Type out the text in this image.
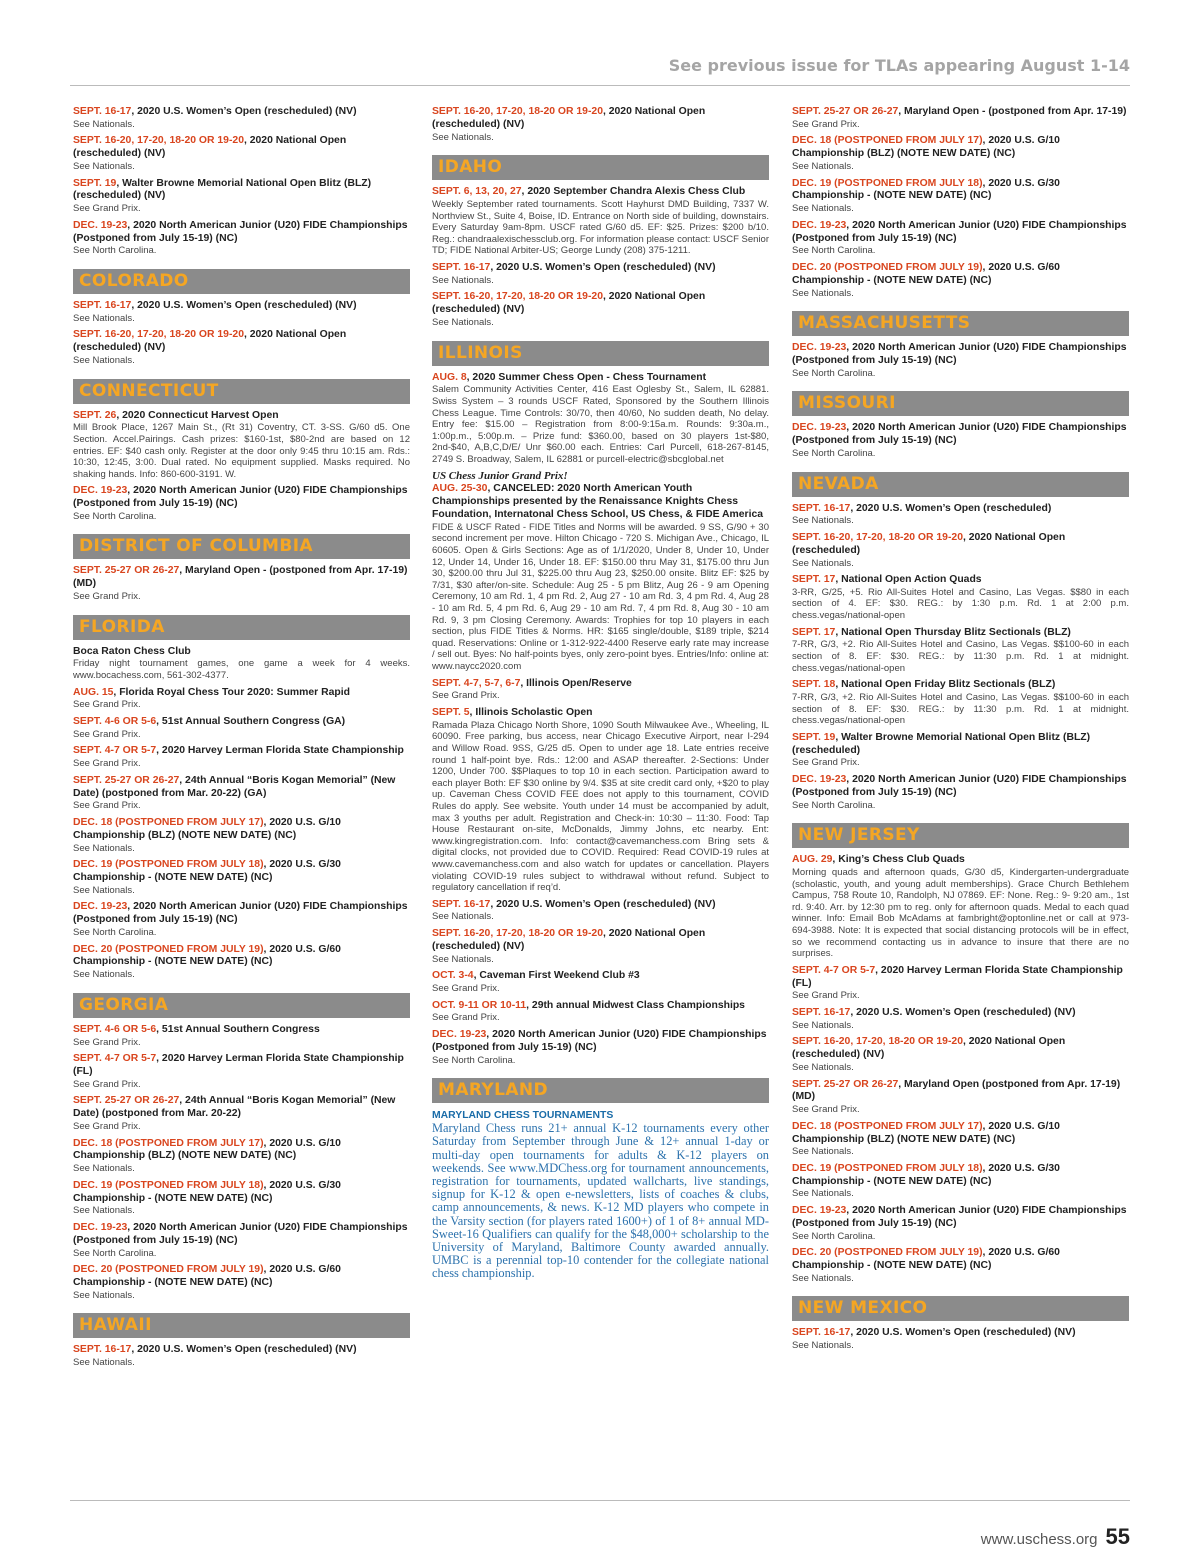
See previous issue for TLAs appearing August 1-14
SEPT. 16-17, 2020 U.S. Women’s Open (rescheduled) (NV)
See Nationals.
SEPT. 16-20, 17-20, 18-20 OR 19-20, 2020 National Open (rescheduled) (NV)
See Nationals.
SEPT. 19, Walter Browne Memorial National Open Blitz (BLZ) (rescheduled) (NV)
See Grand Prix.
DEC. 19-23, 2020 North American Junior (U20) FIDE Championships (Postponed from July 15-19) (NC)
See North Carolina.
COLORADO
SEPT. 16-17, 2020 U.S. Women’s Open (rescheduled) (NV)
See Nationals.
SEPT. 16-20, 17-20, 18-20 OR 19-20, 2020 National Open (rescheduled) (NV)
See Nationals.
CONNECTICUT
SEPT. 26, 2020 Connecticut Harvest Open
Mill Brook Place, 1267 Main St., (Rt 31) Coventry, CT. 3-SS. G/60 d5. One Section. Accel.Pairings. Cash prizes: $160-1st, $80-2nd are based on 12 entries. EF: $40 cash only. Register at the door only 9:45 thru 10:15 am. Rds.: 10:30, 12:45, 3:00. Dual rated. No equipment supplied. Masks required. No shaking hands. Info: 860-600-3191. W.
DEC. 19-23, 2020 North American Junior (U20) FIDE Championships (Postponed from July 15-19) (NC)
See North Carolina.
DISTRICT OF COLUMBIA
SEPT. 25-27 OR 26-27, Maryland Open - (postponed from Apr. 17-19) (MD)
See Grand Prix.
FLORIDA
Boca Raton Chess Club
Friday night tournament games, one game a week for 4 weeks. www.bocachess.com, 561-302-4377.
AUG. 15, Florida Royal Chess Tour 2020: Summer Rapid
See Grand Prix.
SEPT. 4-6 OR 5-6, 51st Annual Southern Congress (GA)
See Grand Prix.
SEPT. 4-7 OR 5-7, 2020 Harvey Lerman Florida State Championship
See Grand Prix.
SEPT. 25-27 OR 26-27, 24th Annual “Boris Kogan Memorial” (New Date) (postponed from Mar. 20-22) (GA)
See Grand Prix.
DEC. 18 (POSTPONED FROM JULY 17), 2020 U.S. G/10 Championship (BLZ) (NOTE NEW DATE) (NC)
See Nationals.
DEC. 19 (POSTPONED FROM JULY 18), 2020 U.S. G/30 Championship - (NOTE NEW DATE) (NC)
See Nationals.
DEC. 19-23, 2020 North American Junior (U20) FIDE Championships (Postponed from July 15-19) (NC)
See North Carolina.
DEC. 20 (POSTPONED FROM JULY 19), 2020 U.S. G/60 Championship - (NOTE NEW DATE) (NC)
See Nationals.
GEORGIA
SEPT. 4-6 OR 5-6, 51st Annual Southern Congress
See Grand Prix.
SEPT. 4-7 OR 5-7, 2020 Harvey Lerman Florida State Championship (FL)
See Grand Prix.
SEPT. 25-27 OR 26-27, 24th Annual “Boris Kogan Memorial” (New Date) (postponed from Mar. 20-22)
See Grand Prix.
DEC. 18 (POSTPONED FROM JULY 17), 2020 U.S. G/10 Championship (BLZ) (NOTE NEW DATE) (NC)
See Nationals.
DEC. 19 (POSTPONED FROM JULY 18), 2020 U.S. G/30 Championship - (NOTE NEW DATE) (NC)
See Nationals.
DEC. 19-23, 2020 North American Junior (U20) FIDE Championships (Postponed from July 15-19) (NC)
See North Carolina.
DEC. 20 (POSTPONED FROM JULY 19), 2020 U.S. G/60 Championship - (NOTE NEW DATE) (NC)
See Nationals.
HAWAII
SEPT. 16-17, 2020 U.S. Women’s Open (rescheduled) (NV)
See Nationals.
SEPT. 16-20, 17-20, 18-20 OR 19-20, 2020 National Open (rescheduled) (NV)
See Nationals.
IDAHO
SEPT. 6, 13, 20, 27, 2020 September Chandra Alexis Chess Club
Weekly September rated tournaments. Scott Hayhurst DMD Building, 7337 W. Northview St., Suite 4, Boise, ID. Entrance on North side of building, downstairs. Every Saturday 9am-8pm. USCF rated G/60 d5. EF: $25. Prizes: $200 b/10. Reg.: chandraalexischessclub.org. For information please contact: USCF Senior TD; FIDE National Arbiter-US; George Lundy (208) 375-1211.
SEPT. 16-17, 2020 U.S. Women’s Open (rescheduled) (NV)
See Nationals.
SEPT. 16-20, 17-20, 18-20 OR 19-20, 2020 National Open (rescheduled) (NV)
See Nationals.
ILLINOIS
AUG. 8, 2020 Summer Chess Open - Chess Tournament
Salem Community Activities Center, 416 East Oglesby St., Salem, IL 62881. Swiss System – 3 rounds USCF Rated, Sponsored by the Southern Illinois Chess League. Time Controls: 30/70, then 40/60, No sudden death, No delay. Entry fee: $15.00 – Registration from 8:00-9:15a.m. Rounds: 9:30a.m., 1:00p.m., 5:00p.m. – Prize fund: $360.00, based on 30 players 1st-$80, 2nd-$40, A,B,C,D/E/ Unr $60.00 each. Entries: Carl Purcell, 618-267-8145, 2749 S. Broadway, Salem, IL 62881 or purcell-electric@sbcglobal.net
US Chess Junior Grand Prix!
AUG. 25-30, CANCELED: 2020 North American Youth Championships presented by the Renaissance Knights Chess Foundation, Internatonal Chess School, US Chess, & FIDE America
FIDE & USCF Rated - FIDE Titles and Norms will be awarded. 9 SS, G/90 + 30 second increment per move. Hilton Chicago - 720 S. Michigan Ave., Chicago, IL 60605. Open & Girls Sections: Age as of 1/1/2020, Under 8, Under 10, Under 12, Under 14, Under 16, Under 18. EF: $150.00 thru May 31, $175.00 thru Jun 30, $200.00 thru Jul 31, $225.00 thru Aug 23, $250.00 onsite. Blitz EF: $25 by 7/31, $30 after/on-site. Schedule: Aug 25 - 5 pm Blitz, Aug 26 - 9 am Opening Ceremony, 10 am Rd. 1, 4 pm Rd. 2, Aug 27 - 10 am Rd. 3, 4 pm Rd. 4, Aug 28 - 10 am Rd. 5, 4 pm Rd. 6, Aug 29 - 10 am Rd. 7, 4 pm Rd. 8, Aug 30 - 10 am Rd. 9, 3 pm Closing Ceremony. Awards: Trophies for top 10 players in each section, plus FIDE Titles & Norms. HR: $165 single/double, $189 triple, $214 quad. Reservations: Online or 1-312-922-4400 Reserve early rate may increase / sell out. Byes: No half-points byes, only zero-point byes. Entries/Info: online at: www.naycc2020.com
SEPT. 4-7, 5-7, 6-7, Illinois Open/Reserve
See Grand Prix.
SEPT. 5, Illinois Scholastic Open
Ramada Plaza Chicago North Shore, 1090 South Milwaukee Ave., Wheeling, IL 60090. Free parking, bus access, near Chicago Executive Airport, near I-294 and Willow Road. 9SS, G/25 d5. Open to under age 18. Late entries receive round 1 half-point bye. Rds.: 12:00 and ASAP thereafter. 2-Sections: Under 1200, Under 700. $$Plaques to top 10 in each section. Participation award to each player Both: EF $30 online by 9/4. $35 at site credit card only, +$20 to play up. Caveman Chess COVID FEE does not apply to this tournament, COVID Rules do apply. See website. Youth under 14 must be accompanied by adult, max 3 youths per adult. Registration and Check-in: 10:30 – 11:30. Food: Tap House Restaurant on-site, McDonalds, Jimmy Johns, etc nearby. Ent: www.kingregistration.com. Info: contact@cavemanchess.com Bring sets & digital clocks, not provided due to COVID. Required: Read COVID-19 rules at www.cavemanchess.com and also watch for updates or cancellation. Players violating COVID-19 rules subject to withdrawal without refund. Subject to regulatory cancellation if req’d.
SEPT. 16-17, 2020 U.S. Women’s Open (rescheduled) (NV)
See Nationals.
SEPT. 16-20, 17-20, 18-20 OR 19-20, 2020 National Open (rescheduled) (NV)
See Nationals.
OCT. 3-4, Caveman First Weekend Club #3
See Grand Prix.
OCT. 9-11 OR 10-11, 29th annual Midwest Class Championships
See Grand Prix.
DEC. 19-23, 2020 North American Junior (U20) FIDE Championships (Postponed from July 15-19) (NC)
See North Carolina.
MARYLAND
MARYLAND CHESS TOURNAMENTS
Maryland Chess runs 21+ annual K-12 tournaments every other Saturday from September through June & 12+ annual 1-day or multi-day open tournaments for adults & K-12 players on weekends. See www.MDChess.org for tournament announcements, registration for tournaments, updated wallcharts, live standings, signup for K-12 & open e-newsletters, lists of coaches & clubs, camp announcements, & news. K-12 MD players who compete in the Varsity section (for players rated 1600+) of 1 of 8+ annual MD-Sweet-16 Qualifiers can qualify for the $48,000+ scholarship to the University of Maryland, Baltimore County awarded annually. UMBC is a perennial top-10 contender for the collegiate national chess championship.
SEPT. 25-27 OR 26-27, Maryland Open - (postponed from Apr. 17-19)
See Grand Prix.
DEC. 18 (POSTPONED FROM JULY 17), 2020 U.S. G/10 Championship (BLZ) (NOTE NEW DATE) (NC)
See Nationals.
DEC. 19 (POSTPONED FROM JULY 18), 2020 U.S. G/30 Championship - (NOTE NEW DATE) (NC)
See Nationals.
DEC. 19-23, 2020 North American Junior (U20) FIDE Championships (Postponed from July 15-19) (NC)
See North Carolina.
DEC. 20 (POSTPONED FROM JULY 19), 2020 U.S. G/60 Championship - (NOTE NEW DATE) (NC)
See Nationals.
MASSACHUSETTS
DEC. 19-23, 2020 North American Junior (U20) FIDE Championships (Postponed from July 15-19) (NC)
See North Carolina.
MISSOURI
DEC. 19-23, 2020 North American Junior (U20) FIDE Championships (Postponed from July 15-19) (NC)
See North Carolina.
NEVADA
SEPT. 16-17, 2020 U.S. Women’s Open (rescheduled)
See Nationals.
SEPT. 16-20, 17-20, 18-20 OR 19-20, 2020 National Open (rescheduled)
See Nationals.
SEPT. 17, National Open Action Quads
3-RR, G/25, +5. Rio All-Suites Hotel and Casino, Las Vegas. $$80 in each section of 4. EF: $30. REG.: by 1:30 p.m. Rd. 1 at 2:00 p.m. chess.vegas/national-open
SEPT. 17, National Open Thursday Blitz Sectionals (BLZ)
7-RR, G/3, +2. Rio All-Suites Hotel and Casino, Las Vegas. $$100-60 in each section of 8. EF: $30. REG.: by 11:30 p.m. Rd. 1 at midnight. chess.vegas/national-open
SEPT. 18, National Open Friday Blitz Sectionals (BLZ)
7-RR, G/3, +2. Rio All-Suites Hotel and Casino, Las Vegas. $$100-60 in each section of 8. EF: $30. REG.: by 11:30 p.m. Rd. 1 at midnight. chess.vegas/national-open
SEPT. 19, Walter Browne Memorial National Open Blitz (BLZ) (rescheduled)
See Grand Prix.
DEC. 19-23, 2020 North American Junior (U20) FIDE Championships (Postponed from July 15-19) (NC)
See North Carolina.
NEW JERSEY
AUG. 29, King’s Chess Club Quads
Morning quads and afternoon quads, G/30 d5, Kindergarten-undergraduate (scholastic, youth, and young adult memberships). Grace Church Bethlehem Campus, 758 Route 10, Randolph, NJ 07869. EF: None. Reg.: 9- 9:20 am., 1st rd. 9:40. Arr. by 12:30 pm to reg. only for afternoon quads. Medal to each quad winner. Info: Email Bob McAdams at fambright@optonline.net or call at 973-694-3988. Note: It is expected that social distancing protocols will be in effect, so we recommend contacting us in advance to insure that there are no surprises.
SEPT. 4-7 OR 5-7, 2020 Harvey Lerman Florida State Championship (FL)
See Grand Prix.
SEPT. 16-17, 2020 U.S. Women’s Open (rescheduled) (NV)
See Nationals.
SEPT. 16-20, 17-20, 18-20 OR 19-20, 2020 National Open (rescheduled) (NV)
See Nationals.
SEPT. 25-27 OR 26-27, Maryland Open (postponed from Apr. 17-19) (MD)
See Grand Prix.
DEC. 18 (POSTPONED FROM JULY 17), 2020 U.S. G/10 Championship (BLZ) (NOTE NEW DATE) (NC)
See Nationals.
DEC. 19 (POSTPONED FROM JULY 18), 2020 U.S. G/30 Championship - (NOTE NEW DATE) (NC)
See Nationals.
DEC. 19-23, 2020 North American Junior (U20) FIDE Championships (Postponed from July 15-19) (NC)
See North Carolina.
DEC. 20 (POSTPONED FROM JULY 19), 2020 U.S. G/60 Championship - (NOTE NEW DATE) (NC)
See Nationals.
NEW MEXICO
SEPT. 16-17, 2020 U.S. Women’s Open (rescheduled) (NV)
See Nationals.
www.uschess.org 55
